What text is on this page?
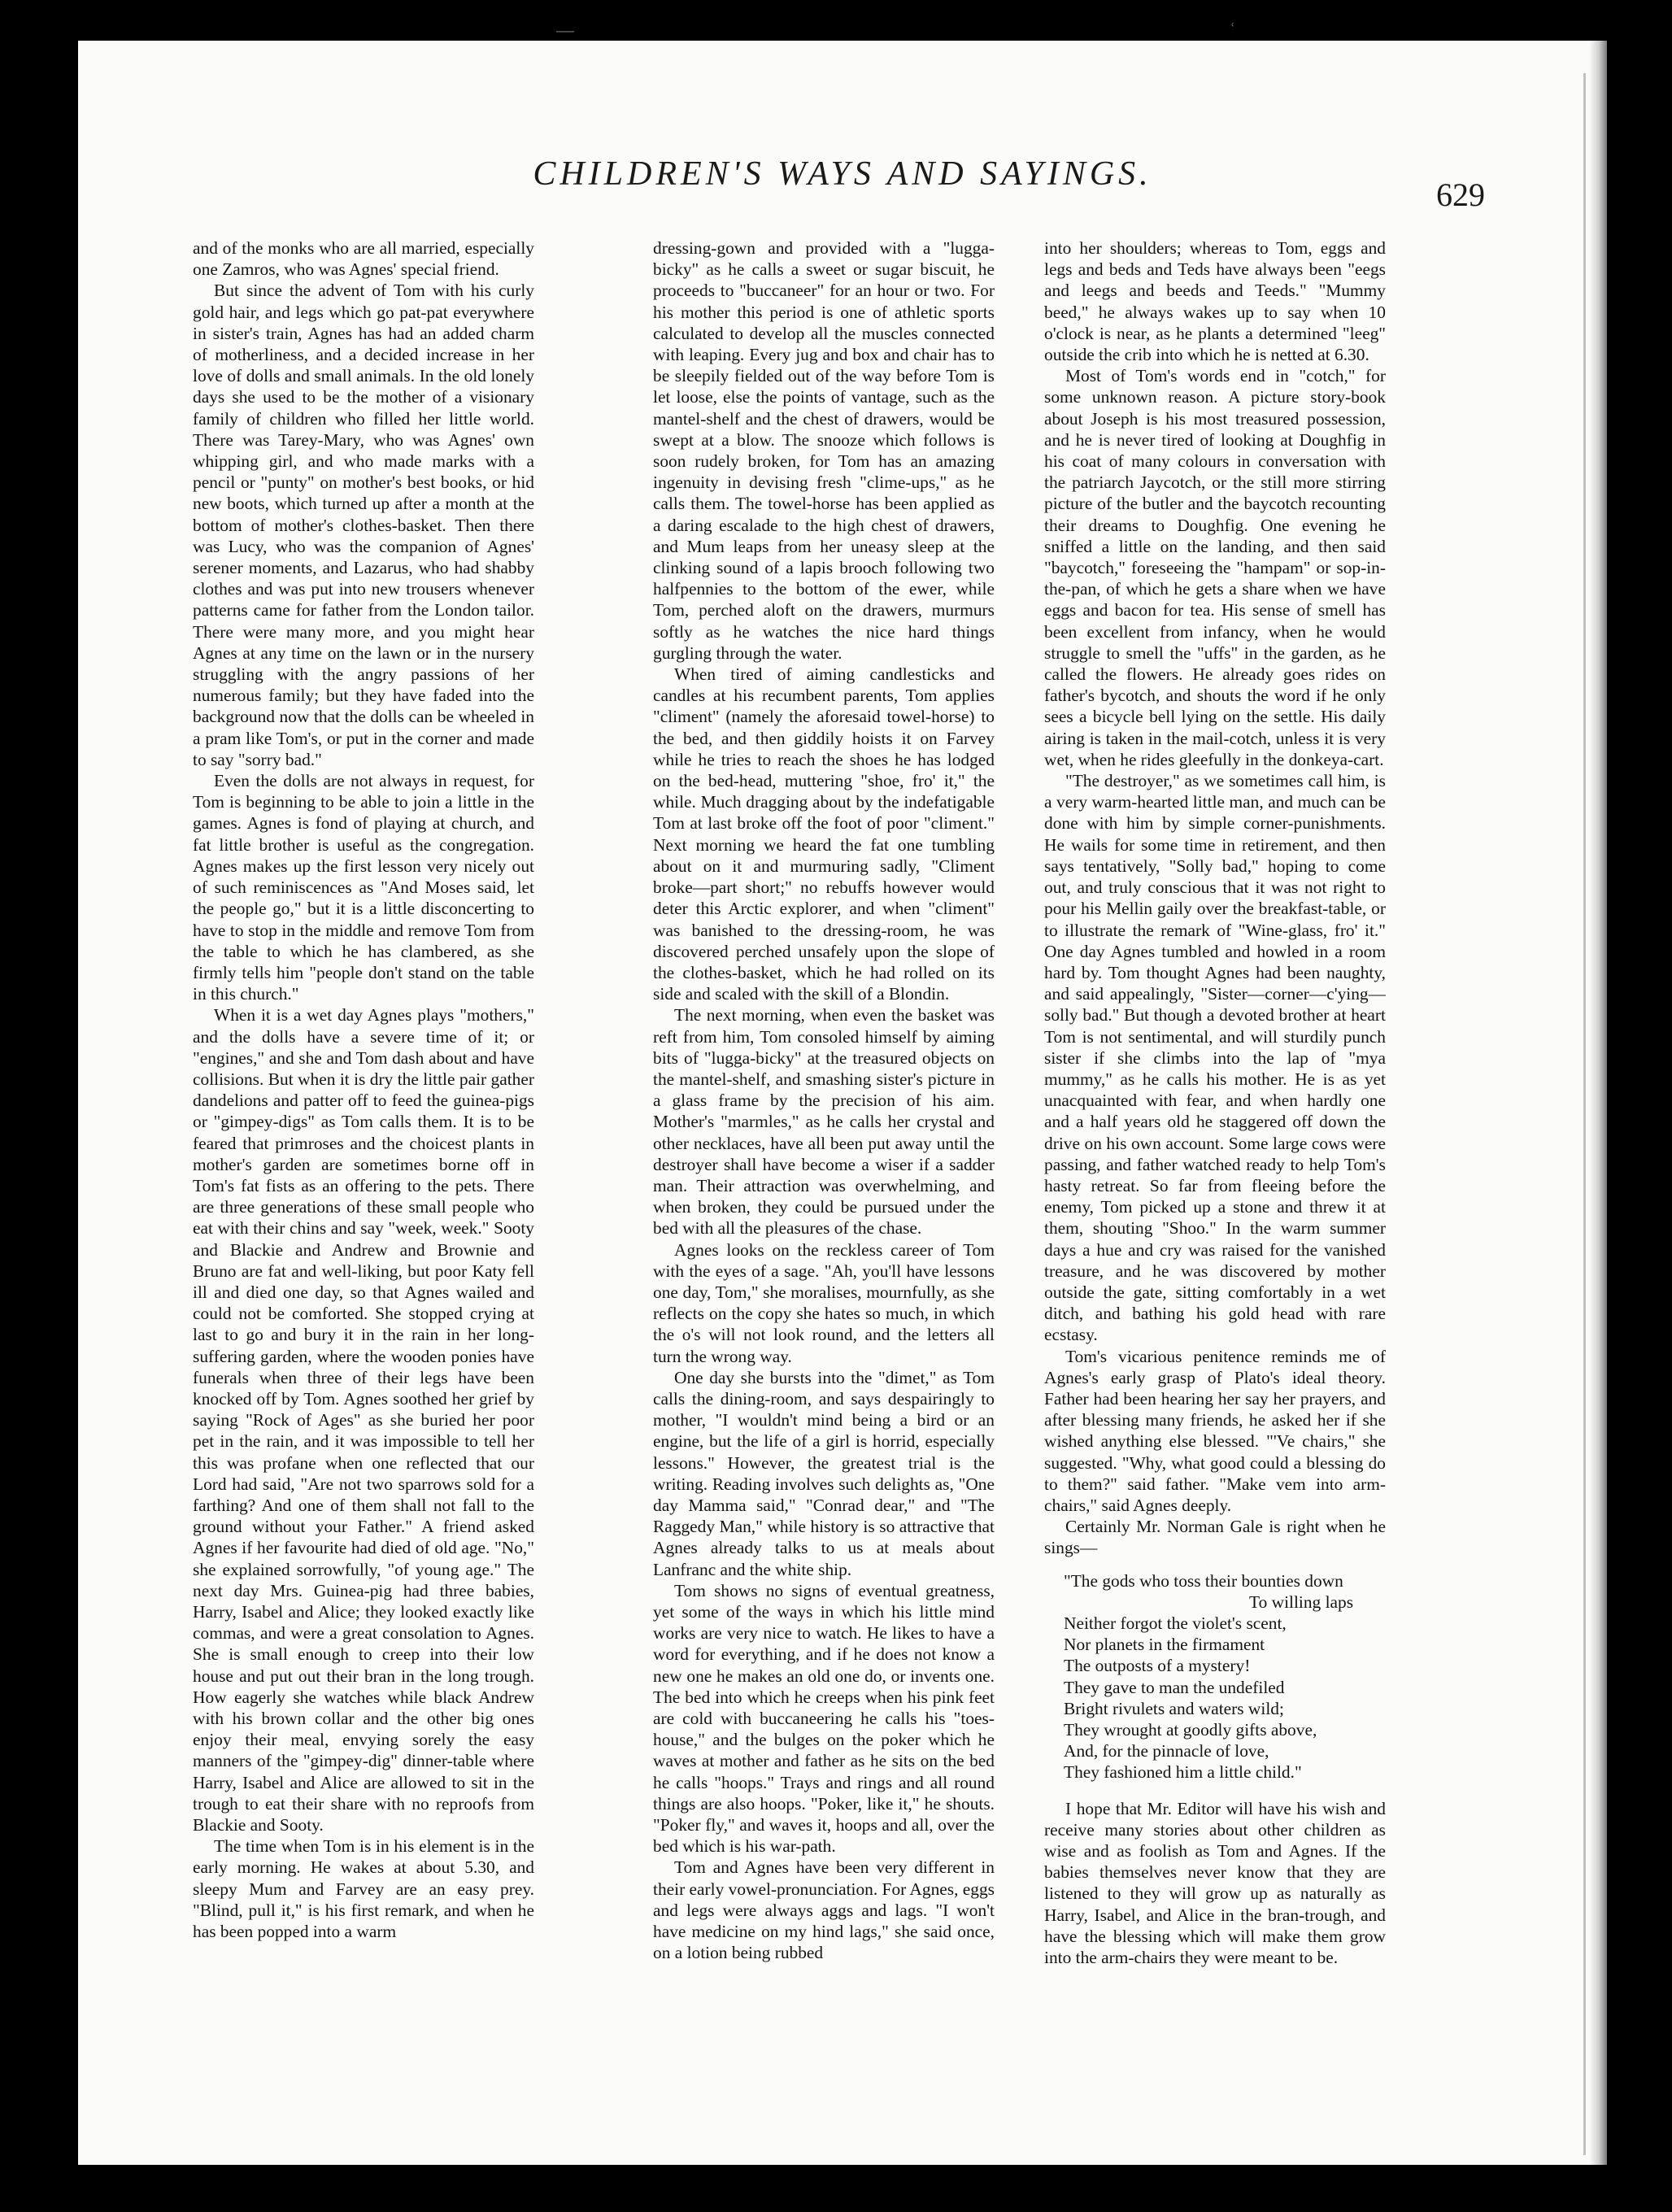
—	ʿ
CHILDREN'S WAYS AND SAYINGS.
629

and of the monks who are all married, especially one Zamros, who was Agnes' special friend.

But since the advent of Tom with his curly gold hair, and legs which go pat-pat everywhere in sister's train, Agnes has had an added charm of motherliness, and a decided increase in her love of dolls and small animals. In the old lonely days she used to be the mother of a visionary family of children who filled her little world. There was Tarey-Mary, who was Agnes' own whipping girl, and who made marks with a pencil or "punty" on mother's best books, or hid new boots, which turned up after a month at the bottom of mother's clothes-basket. Then there was Lucy, who was the companion of Agnes' serener moments, and Lazarus, who had shabby clothes and was put into new trousers whenever patterns came for father from the London tailor. There were many more, and you might hear Agnes at any time on the lawn or in the nursery struggling with the angry passions of her numerous family; but they have faded into the background now that the dolls can be wheeled in a pram like Tom's, or put in the corner and made to say "sorry bad."

Even the dolls are not always in request, for Tom is beginning to be able to join a little in the games. Agnes is fond of playing at church, and fat little brother is useful as the congregation. Agnes makes up the first lesson very nicely out of such reminiscences as "And Moses said, let the people go," but it is a little disconcerting to have to stop in the middle and remove Tom from the table to which he has clambered, as she firmly tells him "people don't stand on the table in this church."

When it is a wet day Agnes plays "mothers," and the dolls have a severe time of it; or "engines," and she and Tom dash about and have collisions. But when it is dry the little pair gather dandelions and patter off to feed the guinea-pigs or "gimpey-digs" as Tom calls them. It is to be feared that primroses and the choicest plants in mother's garden are sometimes borne off in Tom's fat fists as an offering to the pets. There are three generations of these small people who eat with their chins and say "week, week." Sooty and Blackie and Andrew and Brownie and Bruno are fat and well-liking, but poor Katy fell ill and died one day, so that Agnes wailed and could not be comforted. She stopped crying at last to go and bury it in the rain in her long-suffering garden, where the wooden ponies have funerals when three of their legs have been knocked off by Tom. Agnes soothed her grief by saying "Rock of Ages" as she buried her poor pet in the rain, and it was impossible to tell her this was profane when one reflected that our Lord had said, "Are not two sparrows sold for a farthing? And one of them shall not fall to the ground without your Father." A friend asked Agnes if her favourite had died of old age. "No," she explained sorrowfully, "of young age." The next day Mrs. Guinea-pig had three babies, Harry, Isabel and Alice; they looked exactly like commas, and were a great consolation to Agnes. She is small enough to creep into their low house and put out their bran in the long trough. How eagerly she watches while black Andrew with his brown collar and the other big ones enjoy their meal, envying sorely the easy manners of the "gimpey-dig" dinner-table where Harry, Isabel and Alice are allowed to sit in the trough to eat their share with no reproofs from Blackie and Sooty.

The time when Tom is in his element is in the early morning. He wakes at about 5.30, and sleepy Mum and Farvey are an easy prey. "Blind, pull it," is his first remark, and when he has been popped into a warm

dressing-gown and provided with a "lugga-bicky" as he calls a sweet or sugar biscuit, he proceeds to "buccaneer" for an hour or two. For his mother this period is one of athletic sports calculated to develop all the muscles connected with leaping. Every jug and box and chair has to be sleepily fielded out of the way before Tom is let loose, else the points of vantage, such as the mantel-shelf and the chest of drawers, would be swept at a blow. The snooze which follows is soon rudely broken, for Tom has an amazing ingenuity in devising fresh "clime-ups," as he calls them. The towel-horse has been applied as a daring escalade to the high chest of drawers, and Mum leaps from her uneasy sleep at the clinking sound of a lapis brooch following two halfpennies to the bottom of the ewer, while Tom, perched aloft on the drawers, murmurs softly as he watches the nice hard things gurgling through the water.

When tired of aiming candlesticks and candles at his recumbent parents, Tom applies "climent" (namely the aforesaid towel-horse) to the bed, and then giddily hoists it on Farvey while he tries to reach the shoes he has lodged on the bed-head, muttering "shoe, fro' it," the while. Much dragging about by the indefatigable Tom at last broke off the foot of poor "climent." Next morning we heard the fat one tumbling about on it and murmuring sadly, "Climent broke—part short;" no rebuffs however would deter this Arctic explorer, and when "climent" was banished to the dressing-room, he was discovered perched unsafely upon the slope of the clothes-basket, which he had rolled on its side and scaled with the skill of a Blondin.

The next morning, when even the basket was reft from him, Tom consoled himself by aiming bits of "lugga-bicky" at the treasured objects on the mantel-shelf, and smashing sister's picture in a glass frame by the precision of his aim. Mother's "marmles," as he calls her crystal and other necklaces, have all been put away until the destroyer shall have become a wiser if a sadder man. Their attraction was overwhelming, and when broken, they could be pursued under the bed with all the pleasures of the chase.

Agnes looks on the reckless career of Tom with the eyes of a sage. "Ah, you'll have lessons one day, Tom," she moralises, mournfully, as she reflects on the copy she hates so much, in which the o's will not look round, and the letters all turn the wrong way.

One day she bursts into the "dimet," as Tom calls the dining-room, and says despairingly to mother, "I wouldn't mind being a bird or an engine, but the life of a girl is horrid, especially lessons." However, the greatest trial is the writing. Reading involves such delights as, "One day Mamma said," "Conrad dear," and "The Raggedy Man," while history is so attractive that Agnes already talks to us at meals about Lanfranc and the white ship.

Tom shows no signs of eventual greatness, yet some of the ways in which his little mind works are very nice to watch. He likes to have a word for everything, and if he does not know a new one he makes an old one do, or invents one. The bed into which he creeps when his pink feet are cold with buccaneering he calls his "toes-house," and the bulges on the poker which he waves at mother and father as he sits on the bed he calls "hoops." Trays and rings and all round things are also hoops. "Poker, like it," he shouts. "Poker fly," and waves it, hoops and all, over the bed which is his war-path.

Tom and Agnes have been very different in their early vowel-pronunciation. For Agnes, eggs and legs were always aggs and lags. "I won't have medicine on my hind lags," she said once, on a lotion being rubbed

into her shoulders; whereas to Tom, eggs and legs and beds and Teds have always been "eegs and leegs and beeds and Teeds." "Mummy beed," he always wakes up to say when 10 o'clock is near, as he plants a determined "leeg" outside the crib into which he is netted at 6.30.

Most of Tom's words end in "cotch," for some unknown reason. A picture story-book about Joseph is his most treasured possession, and he is never tired of looking at Doughfig in his coat of many colours in conversation with the patriarch Jaycotch, or the still more stirring picture of the butler and the baycotch recounting their dreams to Doughfig. One evening he sniffed a little on the landing, and then said "baycotch," foreseeing the "hampam" or sop-in-the-pan, of which he gets a share when we have eggs and bacon for tea. His sense of smell has been excellent from infancy, when he would struggle to smell the "uffs" in the garden, as he called the flowers. He already goes rides on father's bycotch, and shouts the word if he only sees a bicycle bell lying on the settle. His daily airing is taken in the mail-cotch, unless it is very wet, when he rides gleefully in the donkeya-cart.

"The destroyer," as we sometimes call him, is a very warm-hearted little man, and much can be done with him by simple corner-punishments. He wails for some time in retirement, and then says tentatively, "Solly bad," hoping to come out, and truly conscious that it was not right to pour his Mellin gaily over the breakfast-table, or to illustrate the remark of "Wine-glass, fro' it." One day Agnes tumbled and howled in a room hard by. Tom thought Agnes had been naughty, and said appealingly, "Sister—corner—c'ying—solly bad." But though a devoted brother at heart Tom is not sentimental, and will sturdily punch sister if she climbs into the lap of "mya mummy," as he calls his mother. He is as yet unacquainted with fear, and when hardly one and a half years old he staggered off down the drive on his own account. Some large cows were passing, and father watched ready to help Tom's hasty retreat. So far from fleeing before the enemy, Tom picked up a stone and threw it at them, shouting "Shoo." In the warm summer days a hue and cry was raised for the vanished treasure, and he was discovered by mother outside the gate, sitting comfortably in a wet ditch, and bathing his gold head with rare ecstasy.

Tom's vicarious penitence reminds me of Agnes's early grasp of Plato's ideal theory. Father had been hearing her say her prayers, and after blessing many friends, he asked her if she wished anything else blessed. "'Ve chairs," she suggested. "Why, what good could a blessing do to them?" said father. "Make vem into arm-chairs," said Agnes deeply.

Certainly Mr. Norman Gale is right when he sings—

"The gods who toss their bounties down
To willing laps
Neither forgot the violet's scent,
Nor planets in the firmament
The outposts of a mystery!
They gave to man the undefiled
Bright rivulets and waters wild;
They wrought at goodly gifts above,
And, for the pinnacle of love,
They fashioned him a little child."

I hope that Mr. Editor will have his wish and receive many stories about other children as wise and as foolish as Tom and Agnes. If the babies themselves never know that they are listened to they will grow up as naturally as Harry, Isabel, and Alice in the bran-trough, and have the blessing which will make them grow into the arm-chairs they were meant to be.
